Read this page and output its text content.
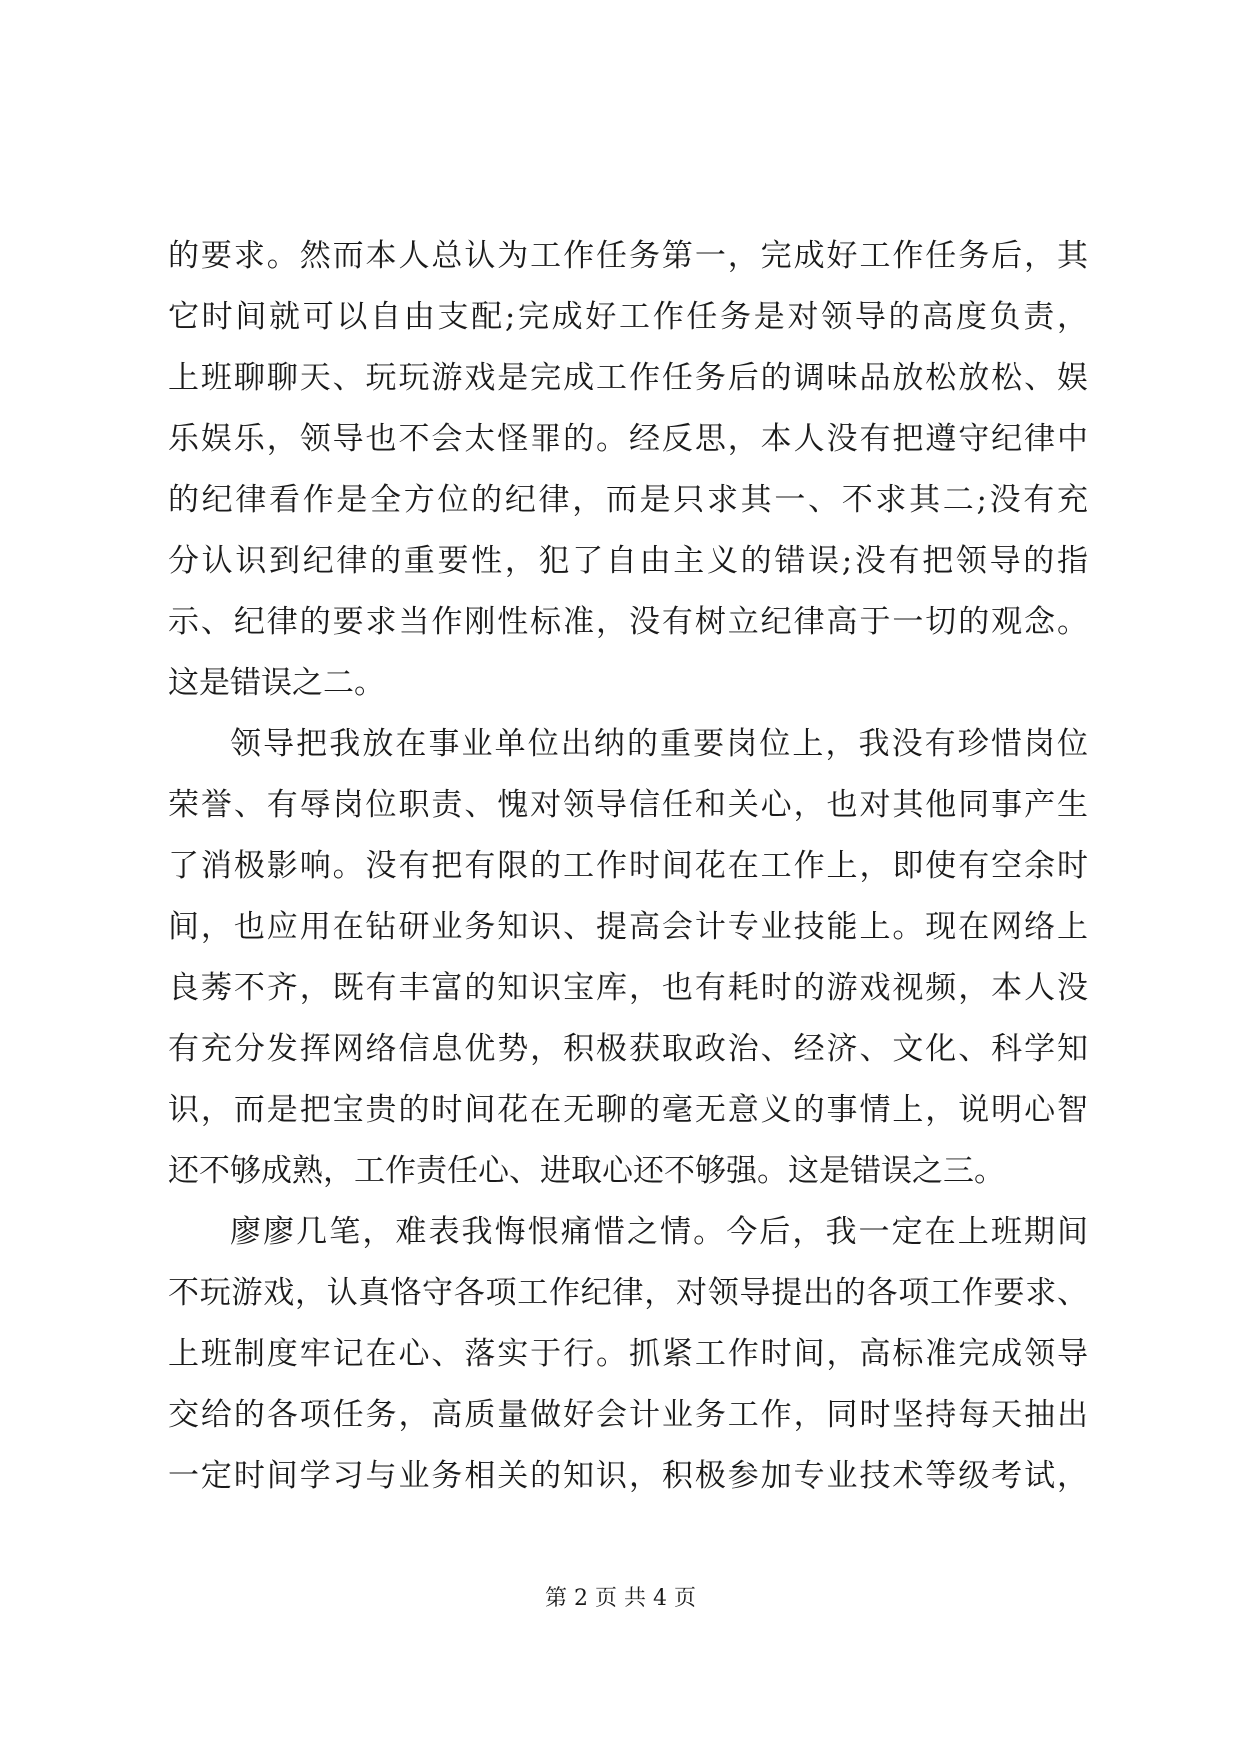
的要求。然而本人总认为工作任务第一，完成好工作任务后，其
它时间就可以自由支配;完成好工作任务是对领导的高度负责，
上班聊聊天、玩玩游戏是完成工作任务后的调味品放松放松、娱
乐娱乐，领导也不会太怪罪的。经反思，本人没有把遵守纪律中
的纪律看作是全方位的纪律，而是只求其一、不求其二;没有充
分认识到纪律的重要性，犯了自由主义的错误;没有把领导的指
示、纪律的要求当作刚性标准，没有树立纪律高于一切的观念。
这是错误之二。
领导把我放在事业单位出纳的重要岗位上，我没有珍惜岗位
荣誉、有辱岗位职责、愧对领导信任和关心，也对其他同事产生
了消极影响。没有把有限的工作时间花在工作上，即使有空余时
间，也应用在钻研业务知识、提高会计专业技能上。现在网络上
良莠不齐，既有丰富的知识宝库，也有耗时的游戏视频，本人没
有充分发挥网络信息优势，积极获取政治、经济、文化、科学知
识，而是把宝贵的时间花在无聊的毫无意义的事情上，说明心智
还不够成熟，工作责任心、进取心还不够强。这是错误之三。
廖廖几笔，难表我悔恨痛惜之情。今后，我一定在上班期间
不玩游戏，认真恪守各项工作纪律，对领导提出的各项工作要求、
上班制度牢记在心、落实于行。抓紧工作时间，高标准完成领导
交给的各项任务，高质量做好会计业务工作，同时坚持每天抽出
一定时间学习与业务相关的知识，积极参加专业技术等级考试，
第 2 页 共 4 页
